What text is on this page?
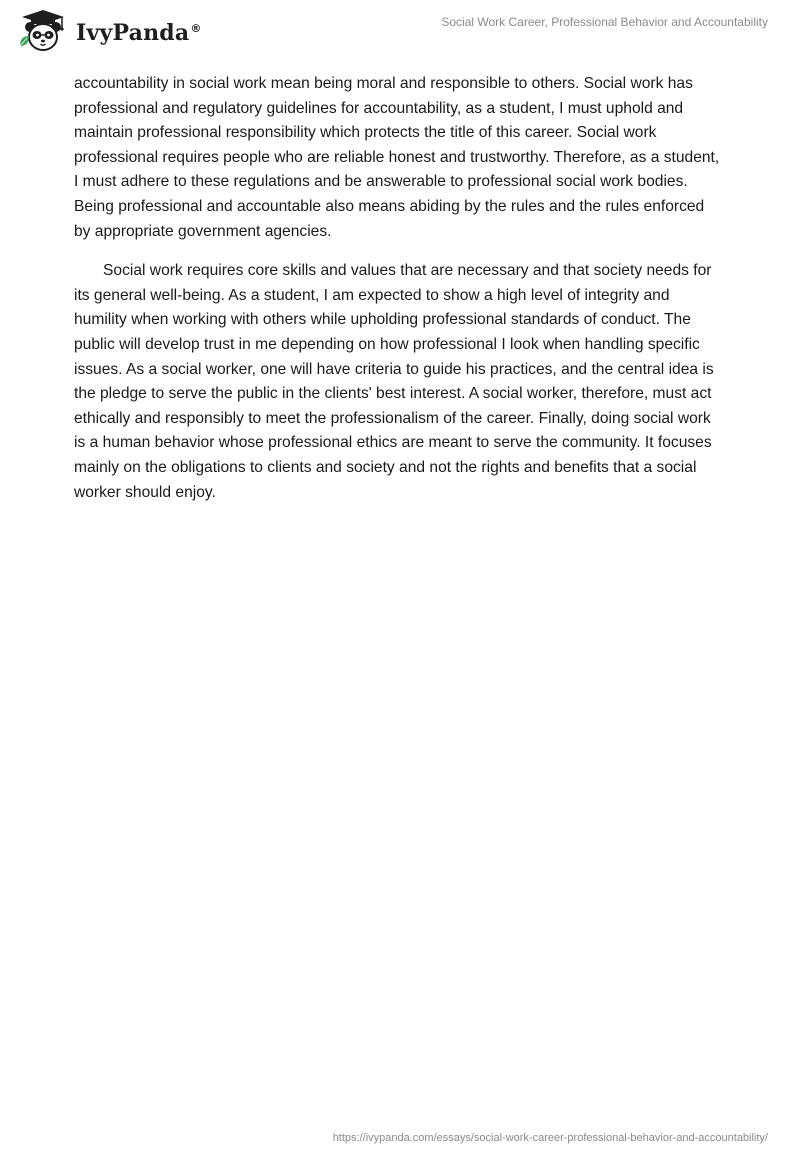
IvyPanda®	Social Work Career, Professional Behavior and Accountability

accountability in social work mean being moral and responsible to others. Social work has professional and regulatory guidelines for accountability, as a student, I must uphold and maintain professional responsibility which protects the title of this career. Social work professional requires people who are reliable honest and trustworthy. Therefore, as a student, I must adhere to these regulations and be answerable to professional social work bodies. Being professional and accountable also means abiding by the rules and the rules enforced by appropriate government agencies.

Social work requires core skills and values that are necessary and that society needs for its general well-being. As a student, I am expected to show a high level of integrity and humility when working with others while upholding professional standards of conduct. The public will develop trust in me depending on how professional I look when handling specific issues. As a social worker, one will have criteria to guide his practices, and the central idea is the pledge to serve the public in the clients' best interest. A social worker, therefore, must act ethically and responsibly to meet the professionalism of the career. Finally, doing social work is a human behavior whose professional ethics are meant to serve the community. It focuses mainly on the obligations to clients and society and not the rights and benefits that a social worker should enjoy.

https://ivypanda.com/essays/social-work-career-professional-behavior-and-accountability/
